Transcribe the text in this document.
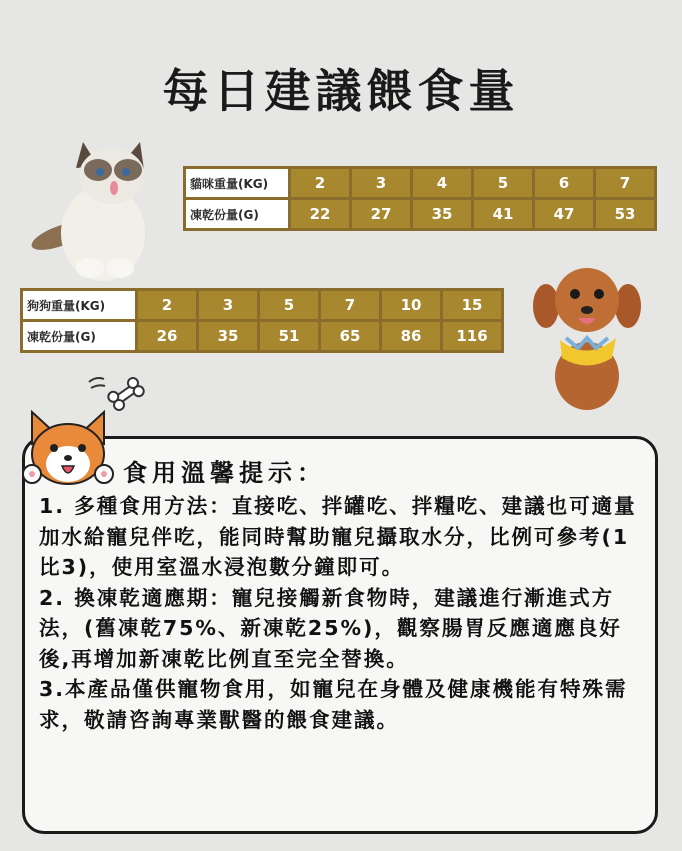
每日建議餵食量
貓咪重量(KG)	2	3	4	5	6	7
凍乾份量(G)	22	27	35	41	47	53
狗狗重量(KG)	2	3	5	7	10	15
凍乾份量(G)	26	35	51	65	86	116
食用溫馨提示：

1. 多種食用方法：直接吃、拌罐吃、拌糧吃、建議也可適量加水給寵兒伴吃，能同時幫助寵兒攝取水分，比例可參考(1比3)，使用室溫水浸泡數分鐘即可。

2. 換凍乾適應期：寵兒接觸新食物時，建議進行漸進式方法，(舊凍乾75%、新凍乾25%)，觀察腸胃反應適應良好後,再增加新凍乾比例直至完全替換。

3.本產品僅供寵物食用，如寵兒在身體及健康機能有特殊需求，敬請咨詢專業獸醫的餵食建議。
